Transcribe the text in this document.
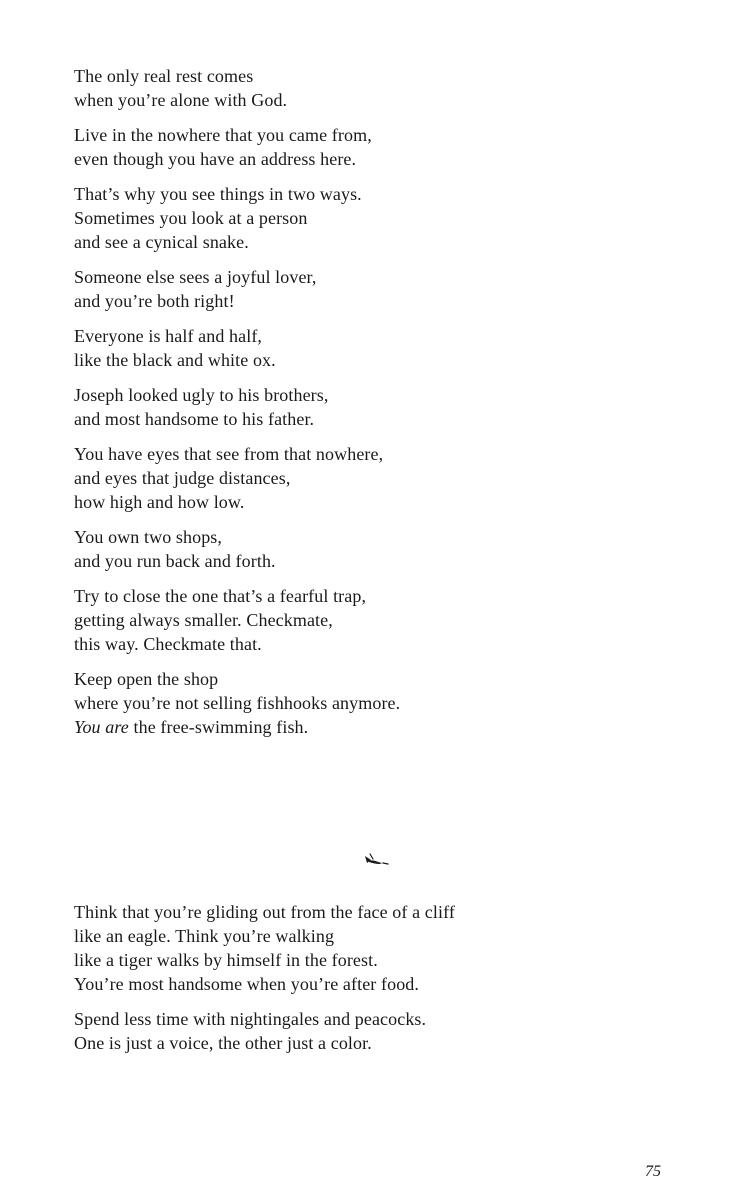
The only real rest comes
when you’re alone with God.
Live in the nowhere that you came from,
even though you have an address here.
That’s why you see things in two ways.
Sometimes you look at a person
and see a cynical snake.
Someone else sees a joyful lover,
and you’re both right!
Everyone is half and half,
like the black and white ox.
Joseph looked ugly to his brothers,
and most handsome to his father.
You have eyes that see from that nowhere,
and eyes that judge distances,
how high and how low.
You own two shops,
and you run back and forth.
Try to close the one that’s a fearful trap,
getting always smaller. Checkmate,
this way. Checkmate that.
Keep open the shop
where you’re not selling fishhooks anymore.
You are the free-swimming fish.
Think that you’re gliding out from the face of a cliff
like an eagle. Think you’re walking
like a tiger walks by himself in the forest.
You’re most handsome when you’re after food.
Spend less time with nightingales and peacocks.
One is just a voice, the other just a color.
75
